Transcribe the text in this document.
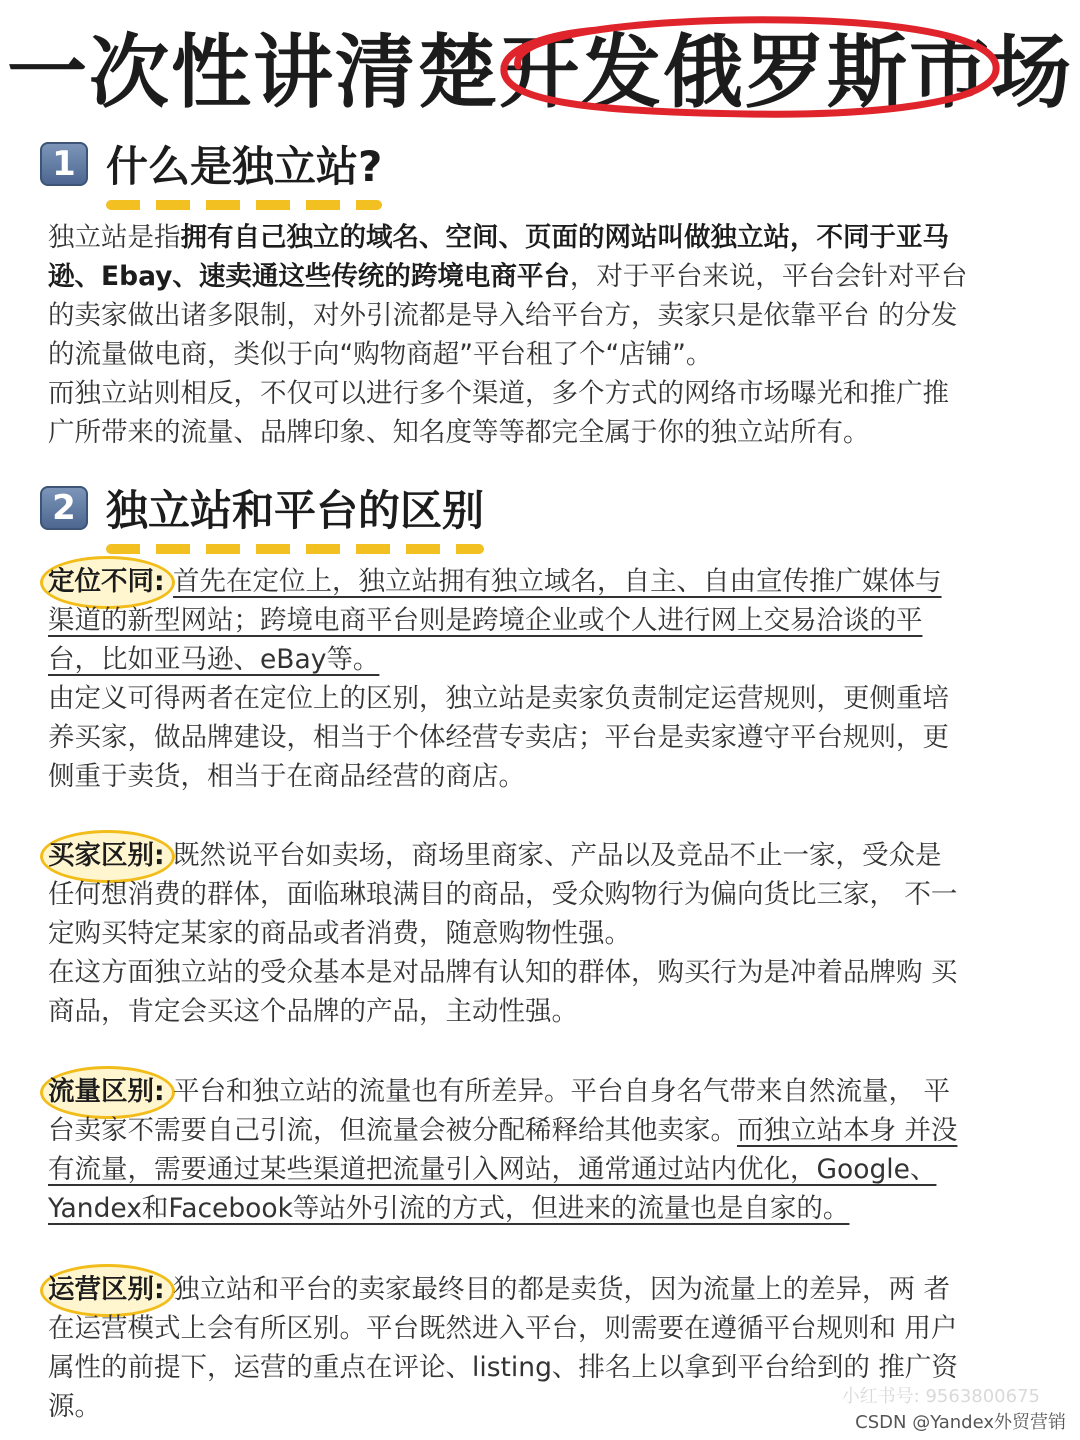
一次性讲清楚开发俄罗斯市场
1 什么是独立站?

独立站是指拥有自己独立的域名、空间、页面的网站叫做独立站，不同于亚马

逊、Ebay、速卖通这些传统的跨境电商平台，对于平台来说，平台会针对平台

的卖家做出诸多限制，对外引流都是导入给平台方，卖家只是依靠平台 的分发

的流量做电商，类似于向“购物商超”平台租了个“店铺”。

而独立站则相反，不仅可以进行多个渠道，多个方式的网络市场曝光和推广推

广所带来的流量、品牌印象、知名度等等都完全属于你的独立站所有。

2 独立站和平台的区别

定位不同: 首先在定位上，独立站拥有独立域名，自主、自由宣传推广媒体与

渠道的新型网站；跨境电商平台则是跨境企业或个人进行网上交易洽谈的平

台，比如亚马逊、eBay等。

由定义可得两者在定位上的区别，独立站是卖家负责制定运营规则，更侧重培

养买家，做品牌建设，相当于个体经营专卖店；平台是卖家遵守平台规则，更

侧重于卖货，相当于在商品经营的商店。

买家区别: 既然说平台如卖场，商场里商家、产品以及竞品不止一家，受众是

任何想消费的群体，面临琳琅满目的商品，受众购物行为偏向货比三家， 不一

定购买特定某家的商品或者消费，随意购物性强。

在这方面独立站的受众基本是对品牌有认知的群体，购买行为是冲着品牌购 买

商品，肯定会买这个品牌的产品，主动性强。

流量区别: 平台和独立站的流量也有所差异。平台自身名气带来自然流量， 平

台卖家不需要自己引流，但流量会被分配稀释给其他卖家。而独立站本身 并没

有流量，需要通过某些渠道把流量引入网站，通常通过站内优化，Google、

Yandex和Facebook等站外引流的方式，但进来的流量也是自家的。

运营区别: 独立站和平台的卖家最终目的都是卖货，因为流量上的差异，两 者

在运营模式上会有所区别。平台既然进入平台，则需要在遵循平台规则和 用户

属性的前提下，运营的重点在评论、listing、排名上以拿到平台给到的 推广资

源。	小红书号: 9563800675
CSDN @Yandex外贸营销
